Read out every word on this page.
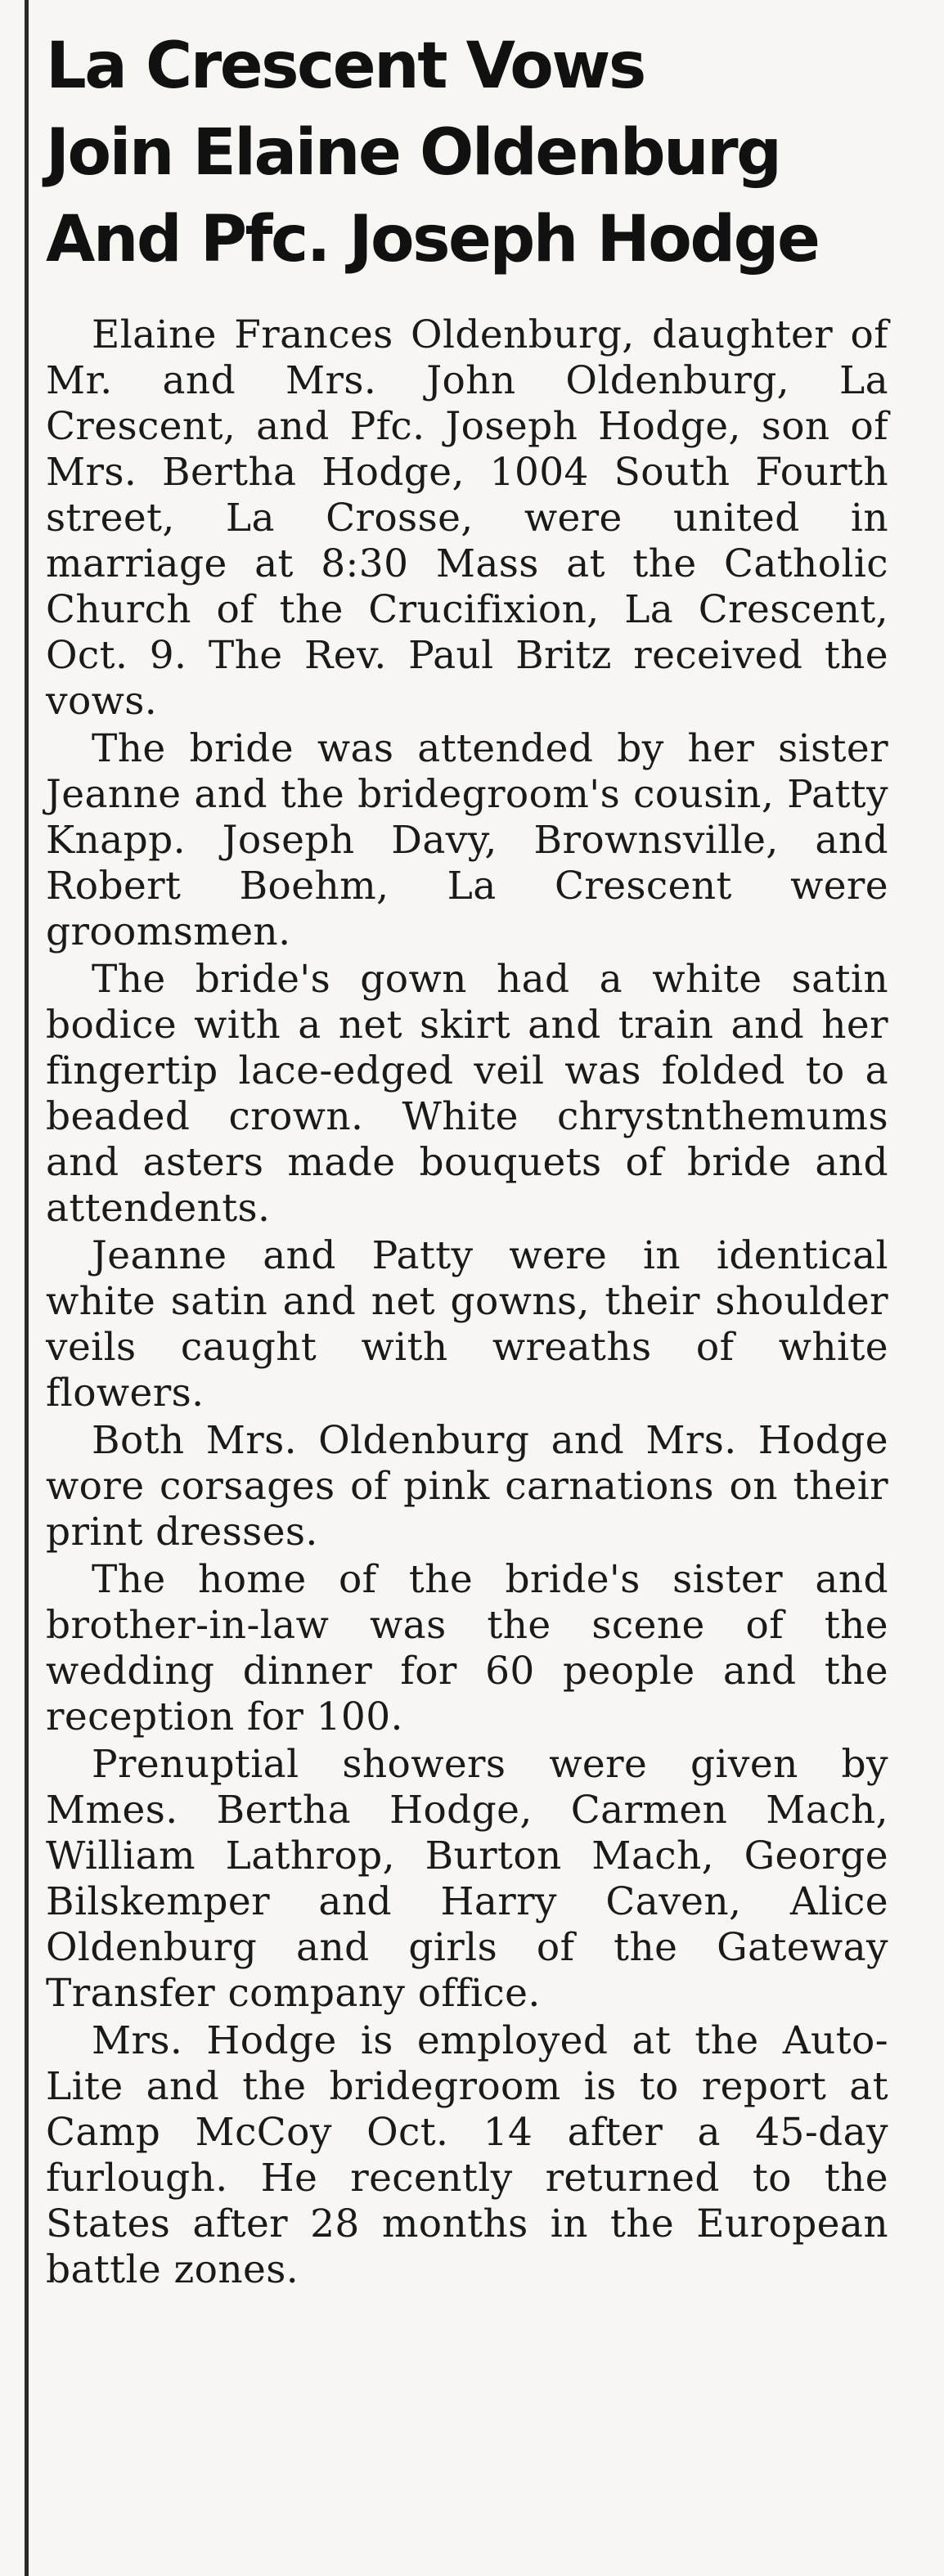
La Crescent Vows
Join Elaine Oldenburg
And Pfc. Joseph Hodge

Elaine Frances Oldenburg, daughter of Mr. and Mrs. John Oldenburg, La Crescent, and Pfc. Joseph Hodge, son of Mrs. Bertha Hodge, 1004 South Fourth street, La Crosse, were united in marriage at 8:30 Mass at the Catholic Church of the Crucifixion, La Crescent, Oct. 9. The Rev. Paul Britz received the vows.

The bride was attended by her sister Jeanne and the bridegroom's cousin, Patty Knapp. Joseph Davy, Brownsville, and Robert Boehm, La Crescent were groomsmen.

The bride's gown had a white satin bodice with a net skirt and train and her fingertip lace-edged veil was folded to a beaded crown. White chrystnthemums and asters made bouquets of bride and attendents.

Jeanne and Patty were in identical white satin and net gowns, their shoulder veils caught with wreaths of white flowers.

Both Mrs. Oldenburg and Mrs. Hodge wore corsages of pink carnations on their print dresses.

The home of the bride's sister and brother-in-law was the scene of the wedding dinner for 60 people and the reception for 100.

Prenuptial showers were given by Mmes. Bertha Hodge, Carmen Mach, William Lathrop, Burton Mach, George Bilskemper and Harry Caven, Alice Oldenburg and girls of the Gateway Transfer company office.

Mrs. Hodge is employed at the Auto-Lite and the bridegroom is to report at Camp McCoy Oct. 14 after a 45-day furlough. He recently returned to the States after 28 months in the European battle zones.
